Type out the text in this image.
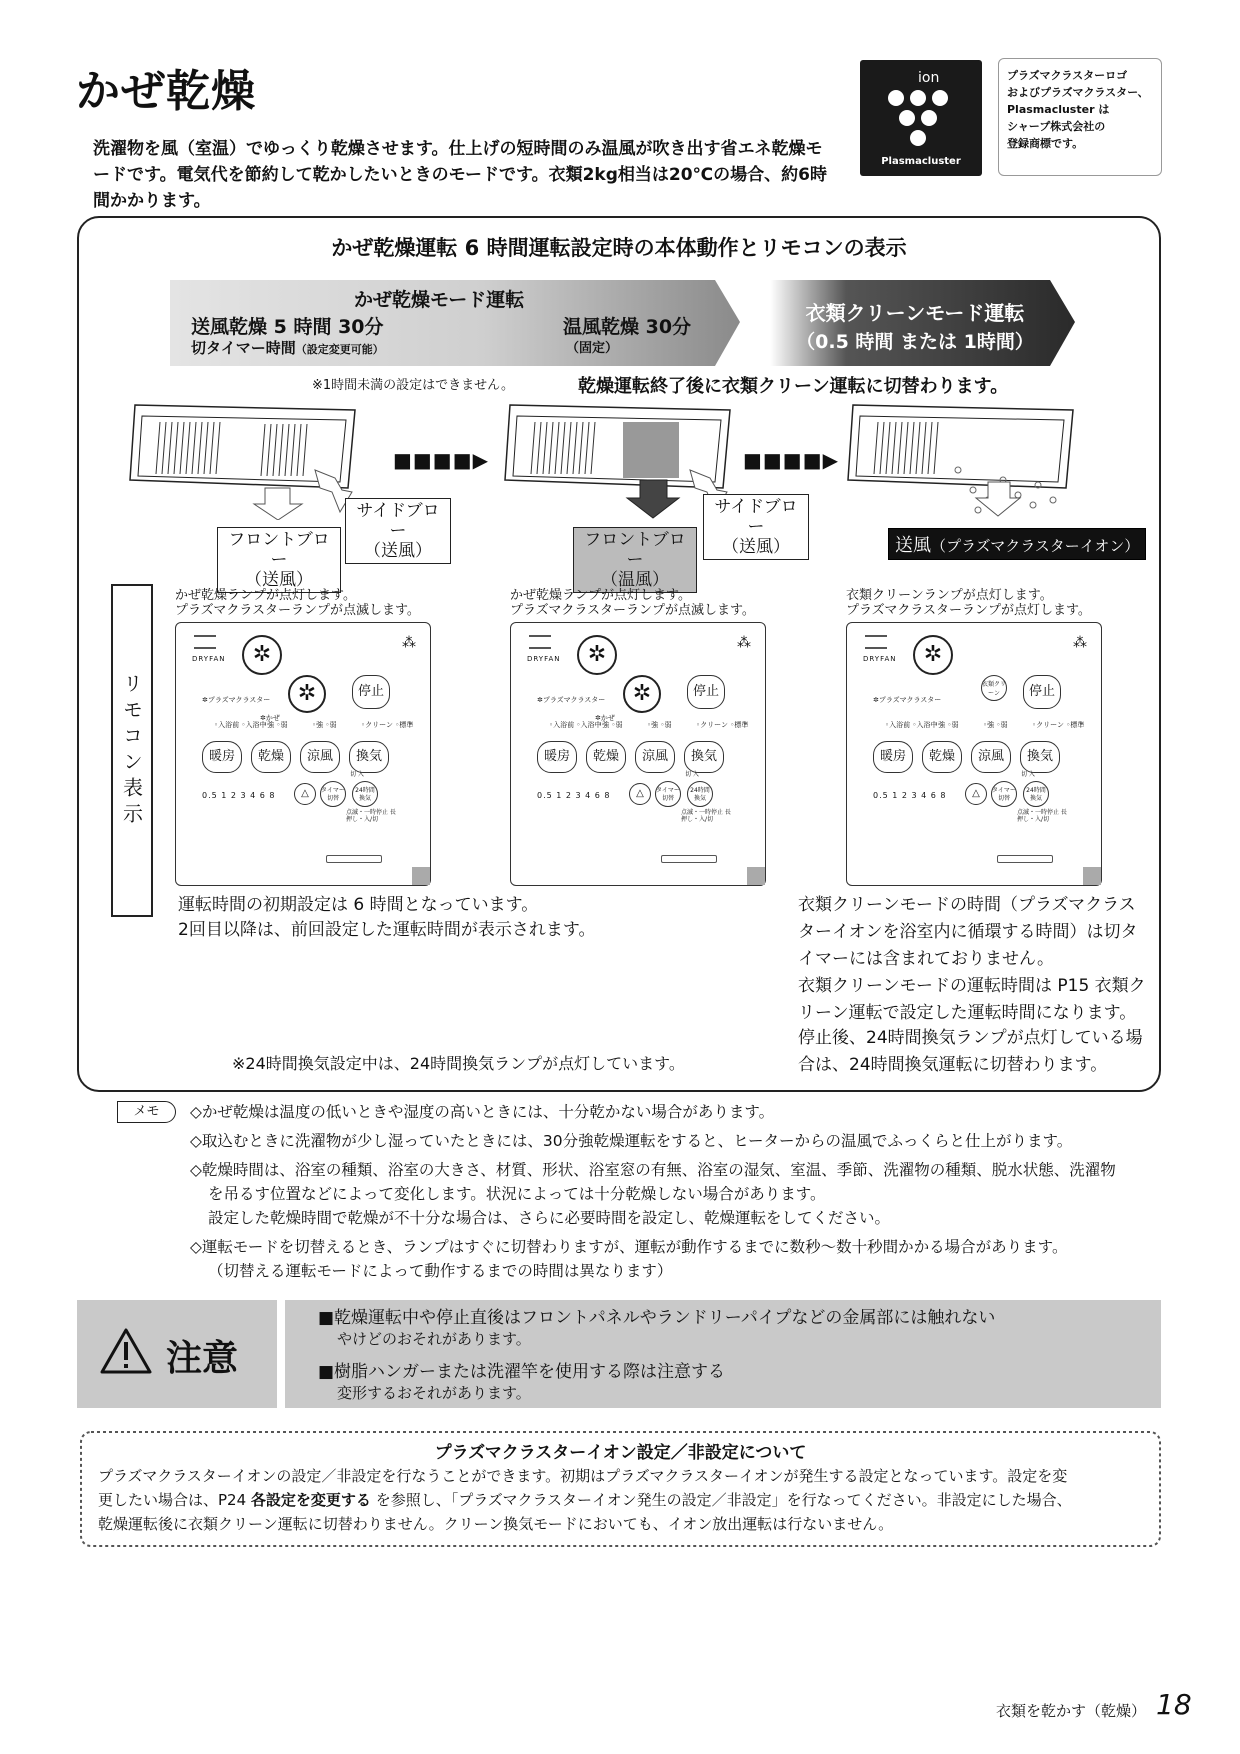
かぜ乾燥
洗濯物を風（室温）でゆっくり乾燥させます。仕上げの短時間のみ温風が吹き出す省エネ乾燥モードです。電気代を節約して乾かしたいときのモードです。衣類2kg相当は20℃の場合、約6時間かかります。
ion
Plasmacluster
プラズマクラスターロゴ
およびプラズマクラスター、
Plasmacluster は
シャープ株式会社の
登録商標です。
かぜ乾燥運転 6 時間運転設定時の本体動作とリモコンの表示
かぜ乾燥モード運転
送風乾燥 5 時間 30分
切タイマー時間（設定変更可能）
温風乾燥 30分
（固定）
衣類クリーンモード運転
（0.5 時間 または 1時間）
※1時間未満の設定はできません。	乾燥運転終了後に衣類クリーン運転に切替わります。
■■■■▶	■■■■▶
サイドブロー
（送風）
フロントブロー
（送風）
サイドブロー
（送風）
フロントブロー
（温風）
送風（プラズマクラスターイオン）
リモコン表示
かぜ乾燥ランプが点灯します。
プラズマクラスターランプが点滅します。
かぜ乾燥ランプが点灯します。
プラズマクラスターランプが点滅します。
衣類クリーンランプが点灯します。
プラズマクラスターランプが点灯します。
DRYFAN
⁂
✲
✲プラズマクラスター	✲
✲かぜ
停止
◦入浴前 ◦入浴中
◦強 ◦弱	◦強 ◦弱	◦クリーン ◦標準
暖房	乾燥	涼風	換気
0.5 1 2 3 4 6 8	△	タイマー切替
24時間換気
切 入
点滅・一時停止 長押し・入/切
DRYFAN
⁂
✲
✲プラズマクラスター	✲
✲かぜ
停止
◦入浴前 ◦入浴中
◦強 ◦弱	◦強 ◦弱	◦クリーン ◦標準
暖房	乾燥	涼風	換気
0.5 1 2 3 4 6 8	△	タイマー切替
24時間換気
切 入
点滅・一時停止 長押し・入/切
DRYFAN
⁂
✲
✲プラズマクラスター
衣類クリーン	停止
◦入浴前 ◦入浴中
◦強 ◦弱	◦強 ◦弱	◦クリーン ◦標準
暖房	乾燥	涼風	換気
0.5 1 2 3 4 6 8	△	タイマー切替
24時間換気
切 入
点滅・一時停止 長押し・入/切
運転時間の初期設定は 6 時間となっています。
2回目以降は、前回設定した運転時間が表示されます。
衣類クリーンモードの時間（プラズマクラス
ターイオンを浴室内に循環する時間）は切タ
イマーには含まれておりません。
衣類クリーンモードの運転時間は P15 衣類ク
リーン運転で設定した運転時間になります。
停止後、24時間換気ランプが点灯している場
合は、24時間換気運転に切替わります。
※24時間換気設定中は、24時間換気ランプが点灯しています。
メモ	◇かぜ乾燥は温度の低いときや湿度の高いときには、十分乾かない場合があります。

◇取込むときに洗濯物が少し湿っていたときには、30分強乾燥運転をすると、ヒーターからの温風でふっくらと仕上がります。

◇乾燥時間は、浴室の種類、浴室の大きさ、材質、形状、浴室窓の有無、浴室の湿気、室温、季節、洗濯物の種類、脱水状態、洗濯物
を吊るす位置などによって変化します。状況によっては十分乾燥しない場合があります。

設定した乾燥時間で乾燥が不十分な場合は、さらに必要時間を設定し、乾燥運転をしてください。

◇運転モードを切替えるとき、ランプはすぐに切替わりますが、運転が動作するまでに数秒〜数十秒間かかる場合があります。
（切替える運転モードによって動作するまでの時間は異なります）
注意
■乾燥運転中や停止直後はフロントパネルやランドリーパイプなどの金属部には触れない
やけどのおそれがあります。
■樹脂ハンガーまたは洗濯竿を使用する際は注意する
変形するおそれがあります。
プラズマクラスターイオン設定／非設定について
プラズマクラスターイオンの設定／非設定を行なうことができます。初期はプラズマクラスターイオンが発生する設定となっています。設定を変
更したい場合は、P24 各設定を変更する を参照し、「プラズマクラスターイオン発生の設定／非設定」を行なってください。非設定にした場合、
乾燥運転後に衣類クリーン運転に切替わりません。クリーン換気モードにおいても、イオン放出運転は行ないません。
衣類を乾かす（乾燥） 18
